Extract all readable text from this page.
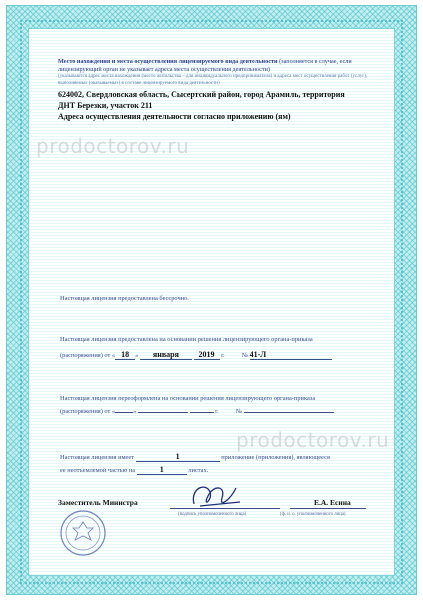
Место нахождения и места осуществления лицензируемого вида деятельности (заполняется в случае, если лицензирующий орган не указывает адреса места осуществления деятельности)
(указываются адрес места нахождения (место жительства – для индивидуального предпринимателя) и адреса мест осуществления работ (услуг), выполняемых (оказываемых) в составе лицензируемого вида деятельности)
624002, Свердловская область, Сысертский район, город Арамиль, территория
ДНТ Березки, участок 211
Адреса осуществления деятельности согласно приложению (ям)
prodoctorov.ru
Настоящая лицензия предоставлена бессрочно.
Настоящая лицензия предоставлена на основании решения лицензирующего органа-приказа
(распоряжения) от « 18 » января 2019 г.	№ 41-Л
Настоящая лицензия переоформлена на основании решения лицензирующего органа-приказа
(распоряжения) от «	»	г.	№
prodoctorov.ru
Настоящая лицензия имеет	1	приложение (приложения), являющееся
ее неотъемлемой частью на	1	листах.
Заместитель Министра	Е.А. Есина
(подпись уполномоченного лица)	(ф. и. о. уполномоченного лица)
